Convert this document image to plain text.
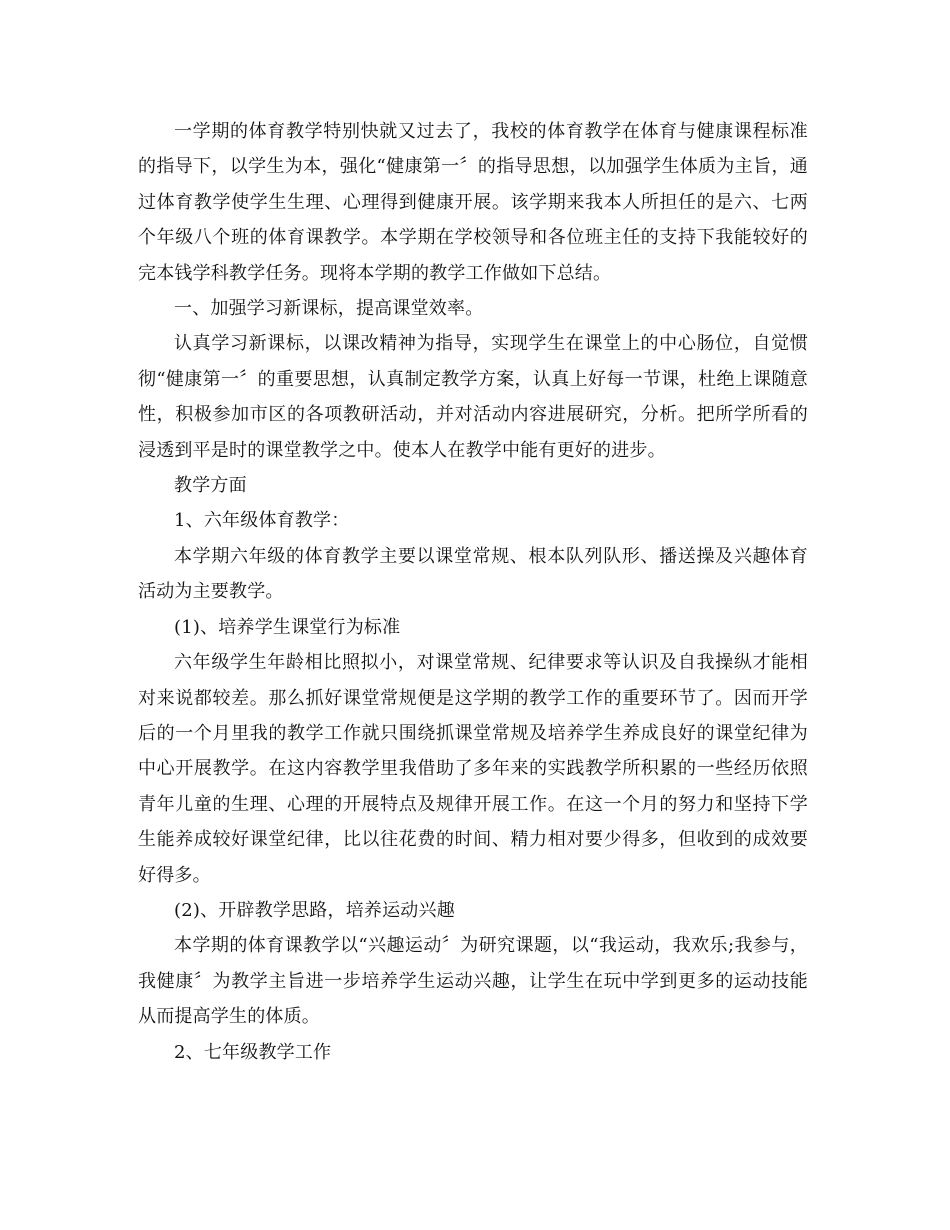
一学期的体育教学特别快就又过去了，我校的体育教学在体育与健康课程标准的指导下，以学生为本，强化“健康第一〞的指导思想，以加强学生体质为主旨，通过体育教学使学生生理、心理得到健康开展。该学期来我本人所担任的是六、七两个年级八个班的体育课教学。本学期在学校领导和各位班主任的支持下我能较好的完本钱学科教学任务。现将本学期的教学工作做如下总结。

一、加强学习新课标，提高课堂效率。

认真学习新课标，以课改精神为指导，实现学生在课堂上的中心肠位，自觉惯彻“健康第一〞的重要思想，认真制定教学方案，认真上好每一节课，杜绝上课随意性，积极参加市区的各项教研活动，并对活动内容进展研究，分析。把所学所看的浸透到平是时的课堂教学之中。使本人在教学中能有更好的进步。

教学方面

1、六年级体育教学：

本学期六年级的体育教学主要以课堂常规、根本队列队形、播送操及兴趣体育活动为主要教学。

(1)、培养学生课堂行为标准

六年级学生年龄相比照拟小，对课堂常规、纪律要求等认识及自我操纵才能相对来说都较差。那么抓好课堂常规便是这学期的教学工作的重要环节了。因而开学后的一个月里我的教学工作就只围绕抓课堂常规及培养学生养成良好的课堂纪律为中心开展教学。在这内容教学里我借助了多年来的实践教学所积累的一些经历依照青年儿童的生理、心理的开展特点及规律开展工作。在这一个月的努力和坚持下学生能养成较好课堂纪律，比以往花费的时间、精力相对要少得多，但收到的成效要好得多。

(2)、开辟教学思路，培养运动兴趣

本学期的体育课教学以“兴趣运动〞为研究课题，以“我运动，我欢乐;我参与，我健康〞为教学主旨进一步培养学生运动兴趣，让学生在玩中学到更多的运动技能从而提高学生的体质。

2、七年级教学工作
